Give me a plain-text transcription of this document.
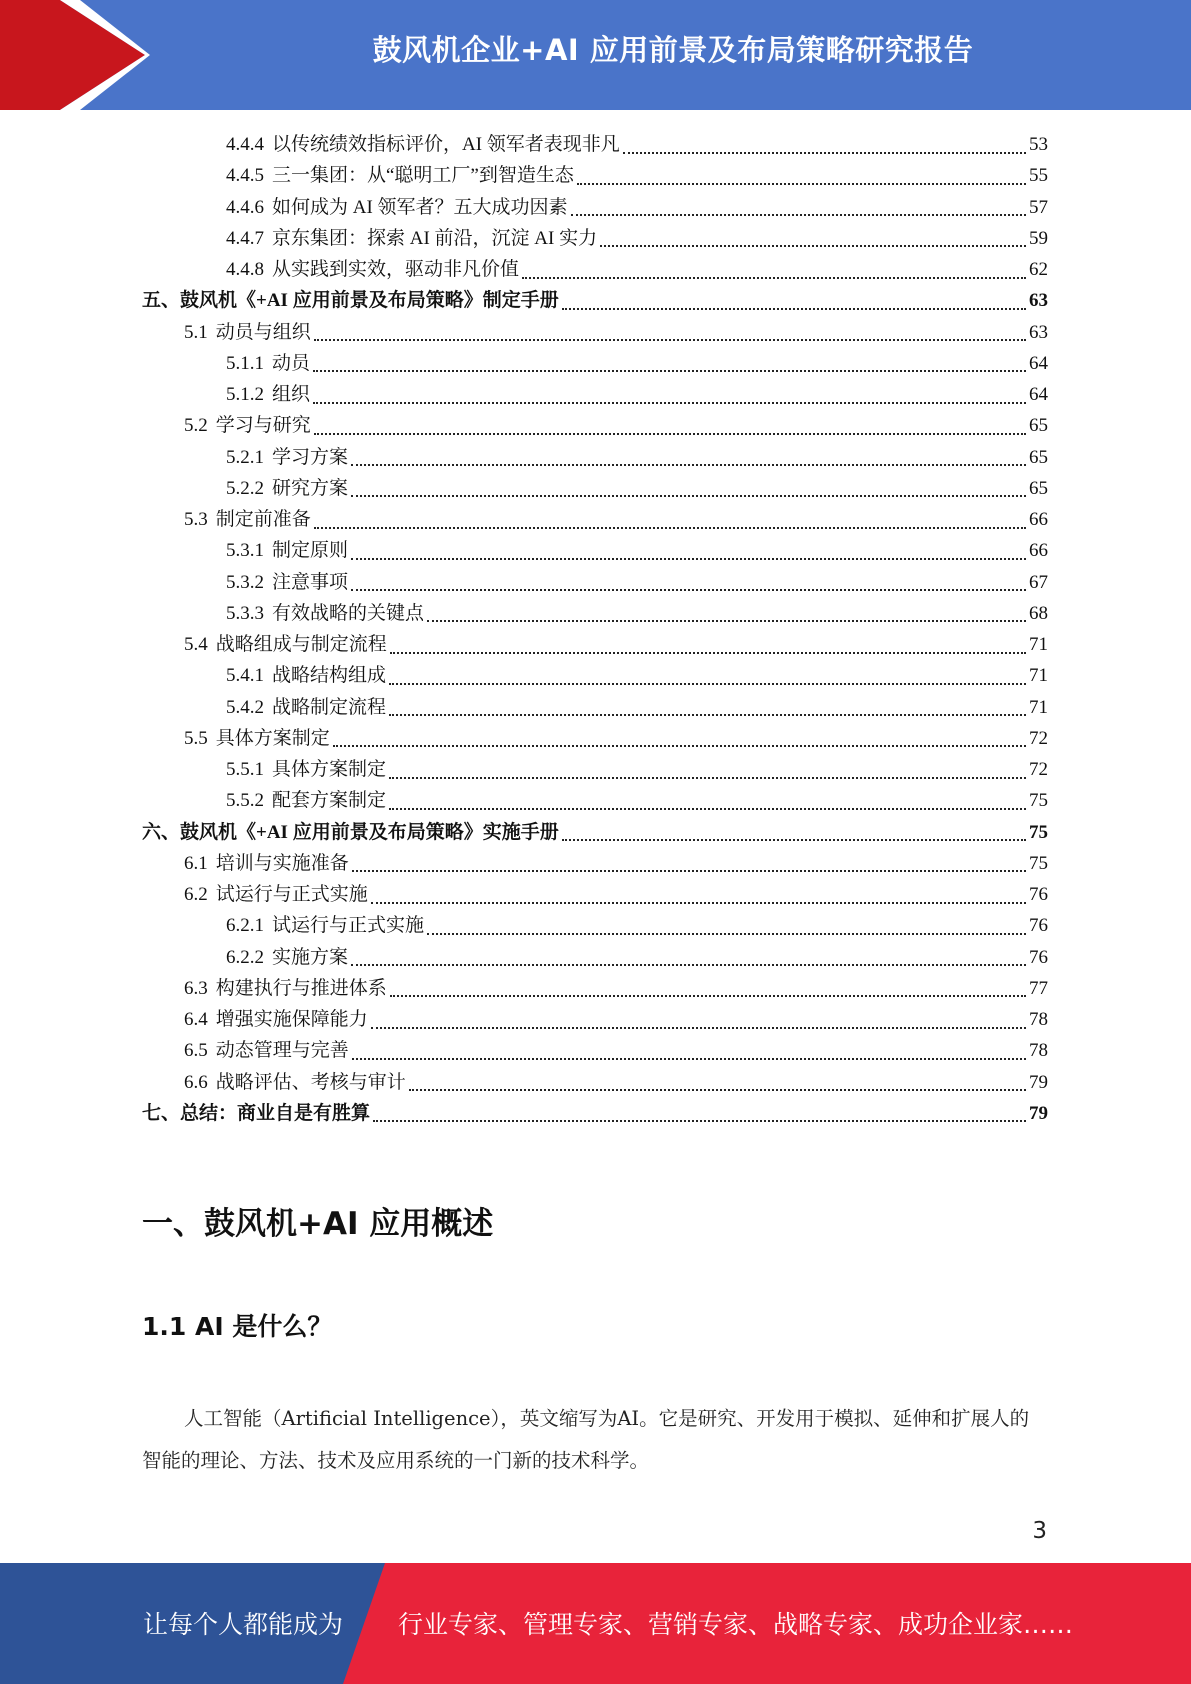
鼓风机企业+AI 应用前景及布局策略研究报告
4.4.4 以传统绩效指标评价，AI 领军者表现非凡	53
4.4.5 三一集团：从“聪明工厂”到智造生态	55
4.4.6 如何成为 AI 领军者？五大成功因素	57
4.4.7 京东集团：探索 AI 前沿，沉淀 AI 实力	59
4.4.8 从实践到实效，驱动非凡价值	62
五、鼓风机《+AI 应用前景及布局策略》制定手册	63
5.1 动员与组织	63
5.1.1 动员	64
5.1.2 组织	64
5.2 学习与研究	65
5.2.1 学习方案	65
5.2.2 研究方案	65
5.3 制定前准备	66
5.3.1 制定原则	66
5.3.2 注意事项	67
5.3.3 有效战略的关键点	68
5.4 战略组成与制定流程	71
5.4.1 战略结构组成	71
5.4.2 战略制定流程	71
5.5 具体方案制定	72
5.5.1 具体方案制定	72
5.5.2 配套方案制定	75
六、鼓风机《+AI 应用前景及布局策略》实施手册	75
6.1 培训与实施准备	75
6.2 试运行与正式实施	76
6.2.1 试运行与正式实施	76
6.2.2 实施方案	76
6.3 构建执行与推进体系	77
6.4 增强实施保障能力	78
6.5 动态管理与完善	78
6.6 战略评估、考核与审计	79
七、总结：商业自是有胜算	79
一、鼓风机+AI 应用概述
1.1 AI 是什么？
人工智能（Artificial Intelligence），英文缩写为AI。它是研究、开发用于模拟、延伸和扩展人的智能的理论、方法、技术及应用系统的一门新的技术科学。
3
让每个人都能成为 行业专家、管理专家、营销专家、战略专家、成功企业家……
